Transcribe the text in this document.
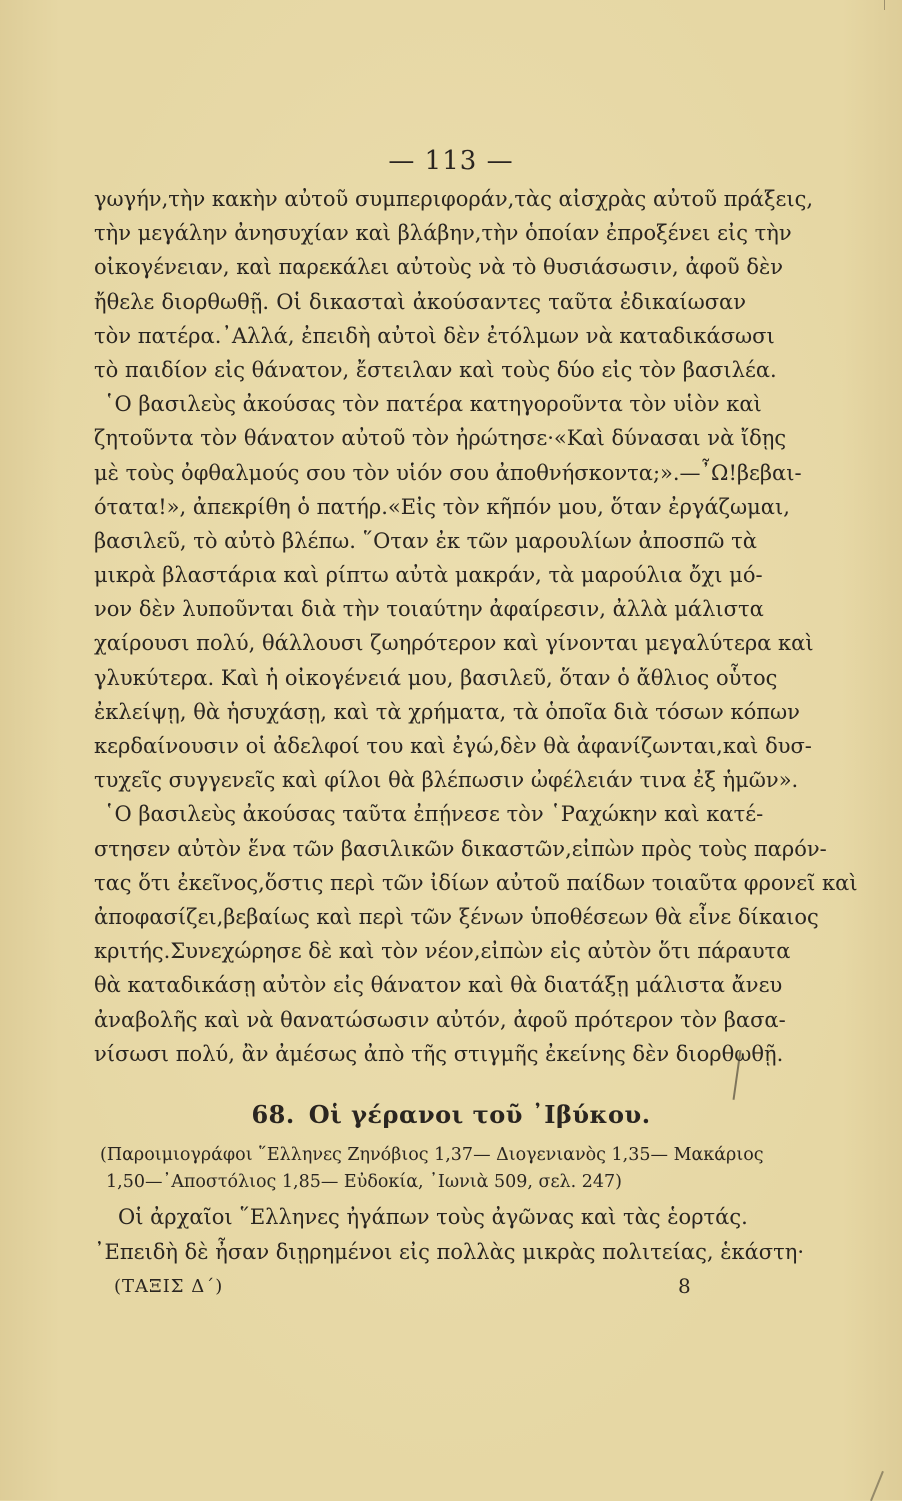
— 113 —
γωγήν,τὴν κακὴν αὐτοῦ συμπεριφοράν,τὰς αἰσχρὰς αὐτοῦ πράξεις,
τὴν μεγάλην ἀνησυχίαν καὶ βλάβην,τὴν ὁποίαν ἐπροξένει εἰς τὴν
οἰκογένειαν, καὶ παρεκάλει αὐτοὺς νὰ τὸ θυσιάσωσιν, ἀφοῦ δὲν
ἤθελε διορθωθῇ. Οἱ δικασταὶ ἀκούσαντες ταῦτα ἐδικαίωσαν
τὸν πατέρα.᾿Αλλά, ἐπειδὴ αὐτοὶ δὲν ἐτόλμων νὰ καταδικάσωσι
τὸ παιδίον εἰς θάνατον, ἔστειλαν καὶ τοὺς δύο εἰς τὸν βασιλέα.
῾Ο βασιλεὺς ἀκούσας τὸν πατέρα κατηγοροῦντα τὸν υἱὸν καὶ
ζητοῦντα τὸν θάνατον αὐτοῦ τὸν ἠρώτησε·«Καὶ δύνασαι νὰ ἴδῃς
μὲ τοὺς ὀφθαλμούς σου τὸν υἱόν σου ἀποθνήσκοντα;».—῏Ω!βεβαι-
ότατα!», ἀπεκρίθη ὁ πατήρ.«Εἰς τὸν κῆπόν μου, ὅταν ἐργάζωμαι,
βασιλεῦ, τὸ αὐτὸ βλέπω. ῞Οταν ἐκ τῶν μαρουλίων ἀποσπῶ τὰ
μικρὰ βλαστάρια καὶ ρίπτω αὐτὰ μακράν, τὰ μαρούλια ὄχι μό-
νον δὲν λυποῦνται διὰ τὴν τοιαύτην ἀφαίρεσιν, ἀλλὰ μάλιστα
χαίρουσι πολύ, θάλλουσι ζωηρότερον καὶ γίνονται μεγαλύτερα καὶ
γλυκύτερα. Καὶ ἡ οἰκογένειά μου, βασιλεῦ, ὅταν ὁ ἄθλιος οὗτος
ἐκλείψῃ, θὰ ἡσυχάσῃ, καὶ τὰ χρήματα, τὰ ὁποῖα διὰ τόσων κόπων
κερδαίνουσιν οἱ ἀδελφοί του καὶ ἐγώ,δὲν θὰ ἀφανίζωνται,καὶ δυσ-
τυχεῖς συγγενεῖς καὶ φίλοι θὰ βλέπωσιν ὠφέλειάν τινα ἐξ ἡμῶν».
῾Ο βασιλεὺς ἀκούσας ταῦτα ἐπῄνεσε τὸν ῾Ραχώκην καὶ κατέ-
στησεν αὐτὸν ἕνα τῶν βασιλικῶν δικαστῶν,εἰπὼν πρὸς τοὺς παρόν-
τας ὅτι ἐκεῖνος,ὅστις περὶ τῶν ἰδίων αὐτοῦ παίδων τοιαῦτα φρονεῖ καὶ
ἀποφασίζει,βεβαίως καὶ περὶ τῶν ξένων ὑποθέσεων θὰ εἶνε δίκαιος
κριτής.Συνεχώρησε δὲ καὶ τὸν νέον,εἰπὼν εἰς αὐτὸν ὅτι πάραυτα
θὰ καταδικάσῃ αὐτὸν εἰς θάνατον καὶ θὰ διατάξῃ μάλιστα ἄνευ
ἀναβολῆς καὶ νὰ θανατώσωσιν αὐτόν, ἀφοῦ πρότερον τὸν βασα-
νίσωσι πολύ, ἂν ἀμέσως ἀπὸ τῆς στιγμῆς ἐκείνης δὲν διορθωθῇ.
68. Οἱ γέρανοι τοῦ ᾿Ιβύκου.
(Παροιμιογράφοι ῞Ελληνες Ζηνόβιος 1,37— Διογενιανὸς 1,35— Μακάριος
1,50—᾿Αποστόλιος 1,85— Εὐδοκία, ᾿Ιωνιὰ 509, σελ. 247)
Οἱ ἀρχαῖοι ῞Ελληνες ἠγάπων τοὺς ἀγῶνας καὶ τὰς ἑορτάς.
᾿Επειδὴ δὲ ἦσαν διῃρημένοι εἰς πολλὰς μικρὰς πολιτείας, ἑκάστη·
(ΤΑΞΙΣ Δ΄)	8
